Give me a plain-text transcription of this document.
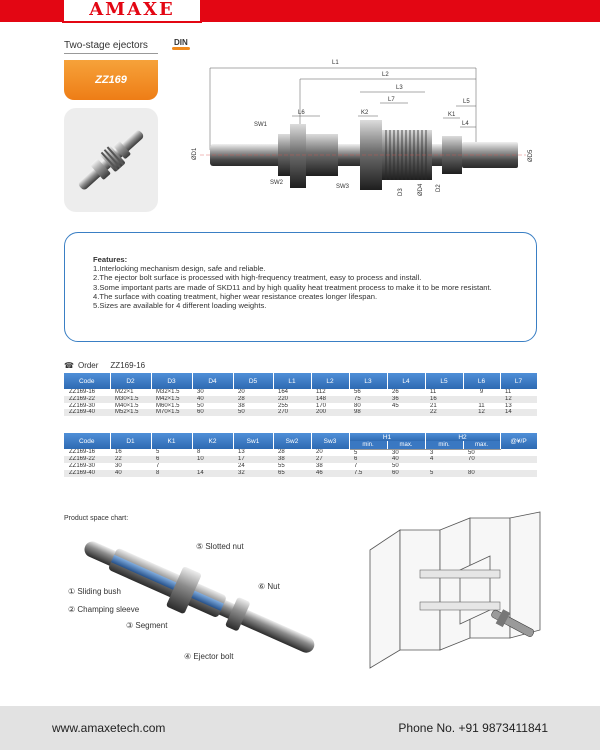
AMAXE
Two-stage ejectors	DIN
ZZ169
L1
L2
L3
L7
K2
L6
L5
L4
K1
SW1
SW2
SW3
ØD1
D3 ØD4 D2
ØD5
Features:
1.Interlocking mechanism design, safe and reliable.
2.The ejector bolt surface is processed with high-frequency treatment, easy to process and install.
3.Some important parts are made of SKD11 and by high quality heat treatment process to make it to be more resistant.
4.The surface with coating treatment, higher wear resistance creates longer lifespan.
5.Sizes are available for 4 different loading weights.
☎ Order ZZ169-16
Code	D2	D3	D4	D5	L1	L2	L3	L4	L5	L6	L7
ZZ169-16	M22×1	M32×1.5	30	20	164	112	56	26	11	9	11
ZZ169-22	M30×1.5	M42×1.5	40	28	220	148	75	36	16		12
ZZ169-30	M40×1.5	M60×1.5	50	38	255	170	80	45	21	11	13
ZZ169-40	M52×1.5	M70×1.5	60	50	270	200	98		22	12	14
Code	D1	K1	K2	Sw1	Sw2	Sw3	H1		H2		@¥/P
							min.	max.	min.	max.	
ZZ169-16	16	5	8	13	28	20	5	30	3	50	
ZZ169-22	22	6	10	17	38	27	6	40	4	70	
ZZ169-30	30	7		24	55	38	7	50			
ZZ169-40	40	8	14	32	65	46	7.5	60	5	80	
Product space chart:
⑤ Slotted nut
⑥ Nut
① Sliding bush
② Champing sleeve
③ Segment
④ Ejector bolt
www.amaxetech.com	Phone No. +91 9873411841
